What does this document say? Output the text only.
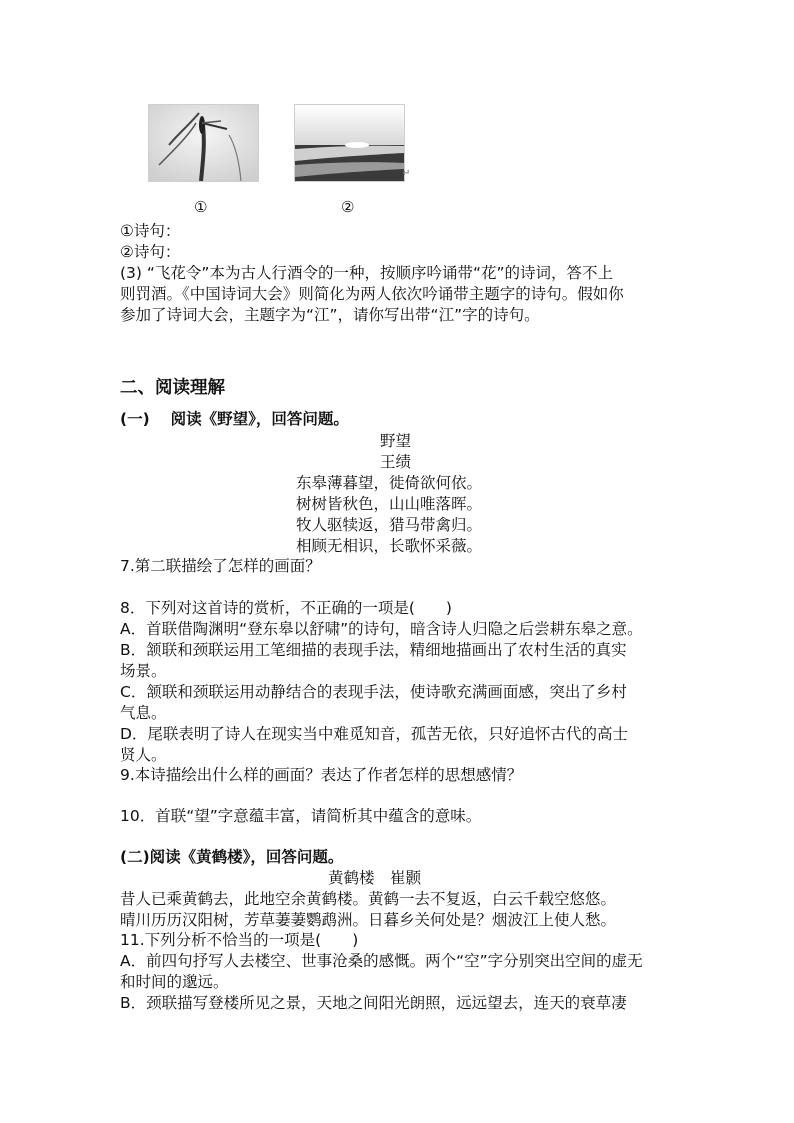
↵
①	②
①诗句：
②诗句：
(3) “飞花令”本为古人行酒令的一种，按顺序吟诵带“花”的诗词，答不上
则罚酒。《中国诗词大会》则简化为两人依次吟诵带主题字的诗句。假如你
参加了诗词大会，主题字为“江”，请你写出带“江”字的诗句。
二、阅读理解
(一)　 阅读《野望》，回答问题。
野望
王绩
东皋薄暮望，徙倚欲何依。
树树皆秋色，山山唯落晖。
牧人驱犊返，猎马带禽归。
相顾无相识，长歌怀采薇。
7.第二联描绘了怎样的画面？
8．下列对这首诗的赏析，不正确的一项是(　　)
A．首联借陶渊明“登东皋以舒啸”的诗句，暗含诗人归隐之后尝耕东皋之意。
B．颔联和颈联运用工笔细描的表现手法，精细地描画出了农村生活的真实
场景。
C．颔联和颈联运用动静结合的表现手法，使诗歌充满画面感，突出了乡村
气息。
D．尾联表明了诗人在现实当中难觅知音，孤苦无依，只好追怀古代的高士
贤人。
9.本诗描绘出什么样的画面？表达了作者怎样的思想感情？
10．首联“望”字意蕴丰富，请简析其中蕴含的意味。
(二)阅读《黄鹤楼》，回答问题。
黄鹤楼　崔颢
昔人已乘黄鹤去，此地空余黄鹤楼。黄鹤一去不复返，白云千载空悠悠。
晴川历历汉阳树，芳草萋萋鹦鹉洲。日暮乡关何处是？烟波江上使人愁。
11.下列分析不恰当的一项是(　　)
A．前四句抒写人去楼空、世事沧桑的感慨。两个“空”字分别突出空间的虚无
和时间的邈远。
B．颈联描写登楼所见之景，天地之间阳光朗照，远远望去，连天的衰草凄
